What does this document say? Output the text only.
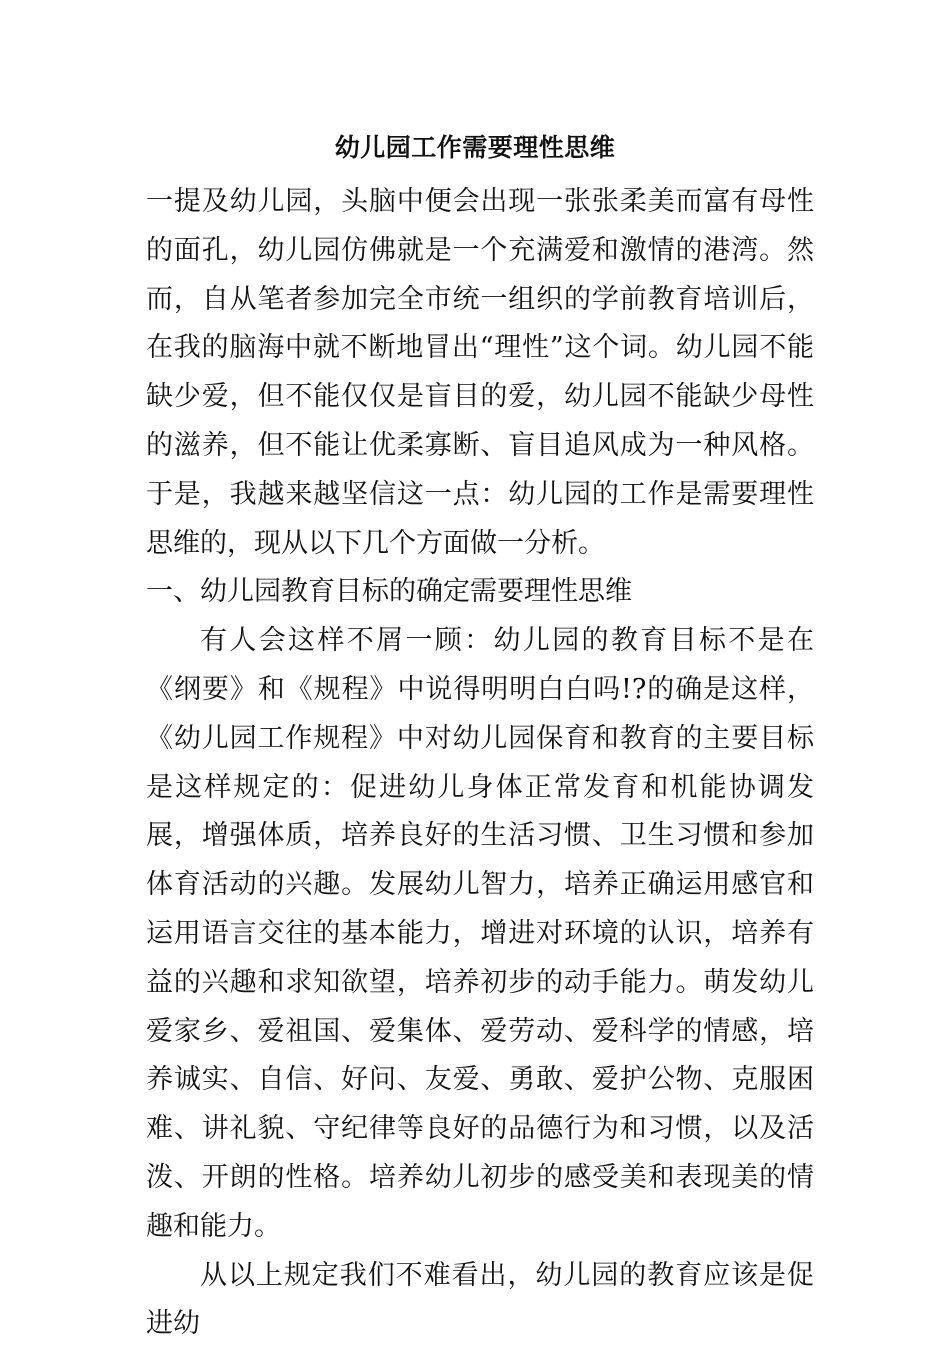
幼儿园工作需要理性思维

一提及幼儿园，头脑中便会出现一张张柔美而富有母性的面孔，幼儿园仿佛就是一个充满爱和激情的港湾。然而，自从笔者参加完全市统一组织的学前教育培训后，在我的脑海中就不断地冒出“理性”这个词。幼儿园不能缺少爱，但不能仅仅是盲目的爱，幼儿园不能缺少母性的滋养，但不能让优柔寡断、盲目追风成为一种风格。于是，我越来越坚信这一点：幼儿园的工作是需要理性思维的，现从以下几个方面做一分析。

一、幼儿园教育目标的确定需要理性思维

有人会这样不屑一顾：幼儿园的教育目标不是在《纲要》和《规程》中说得明明白白吗!?的确是这样，《幼儿园工作规程》中对幼儿园保育和教育的主要目标是这样规定的：促进幼儿身体正常发育和机能协调发展，增强体质，培养良好的生活习惯、卫生习惯和参加体育活动的兴趣。发展幼儿智力，培养正确运用感官和运用语言交往的基本能力，增进对环境的认识，培养有益的兴趣和求知欲望，培养初步的动手能力。萌发幼儿爱家乡、爱祖国、爱集体、爱劳动、爱科学的情感，培养诚实、自信、好问、友爱、勇敢、爱护公物、克服困难、讲礼貌、守纪律等良好的品德行为和习惯，以及活泼、开朗的性格。培养幼儿初步的感受美和表现美的情趣和能力。

从以上规定我们不难看出，幼儿园的教育应该是促进幼
